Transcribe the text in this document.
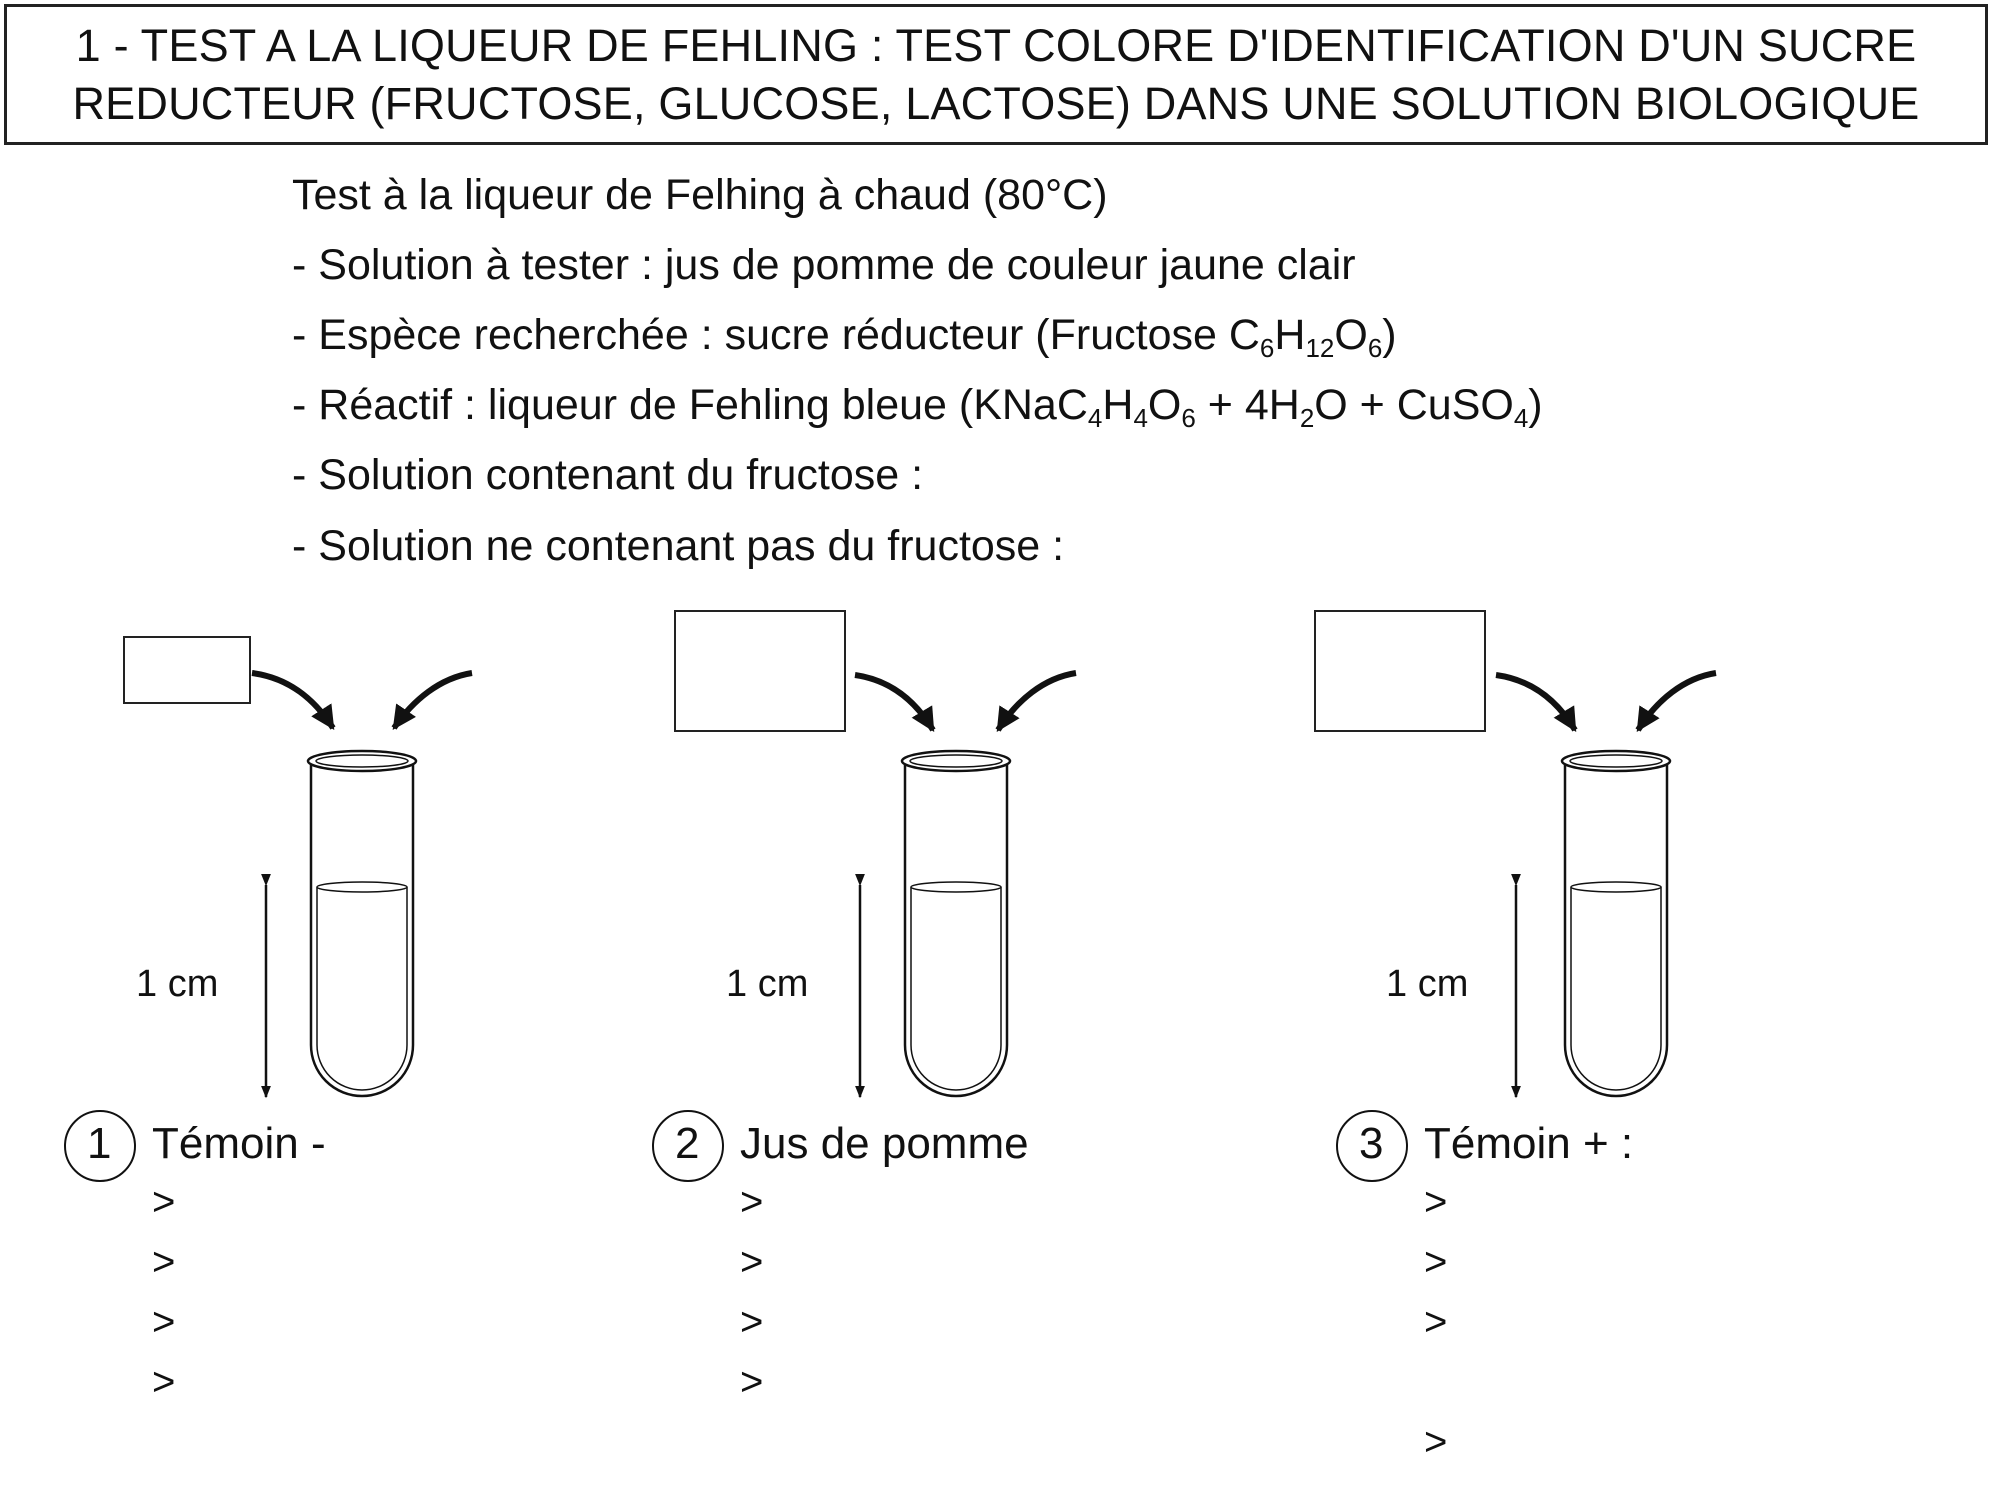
1 - TEST A LA LIQUEUR DE FEHLING : TEST COLORE D'IDENTIFICATION D'UN SUCRE
REDUCTEUR (FRUCTOSE, GLUCOSE, LACTOSE) DANS UNE SOLUTION BIOLOGIQUE
Test à la liqueur de Felhing à chaud (80°C)
- Solution à tester : jus de pomme de couleur jaune clair
- Espèce recherchée : sucre réducteur (Fructose $C_6H_{12}O_6$)
- Réactif : liqueur de Fehling bleue ($KNaC_4H_4O_6 + 4H_2O$ + CuSO$_4$)
- Solution contenant du fructose :
- Solution ne contenant pas du fructose :
1 cm	1 cm	1 cm
1	2	3
Témoin -	Jus de pomme	Témoin + :
>
>
>
>
>
>
>
>
>
>
>
>
